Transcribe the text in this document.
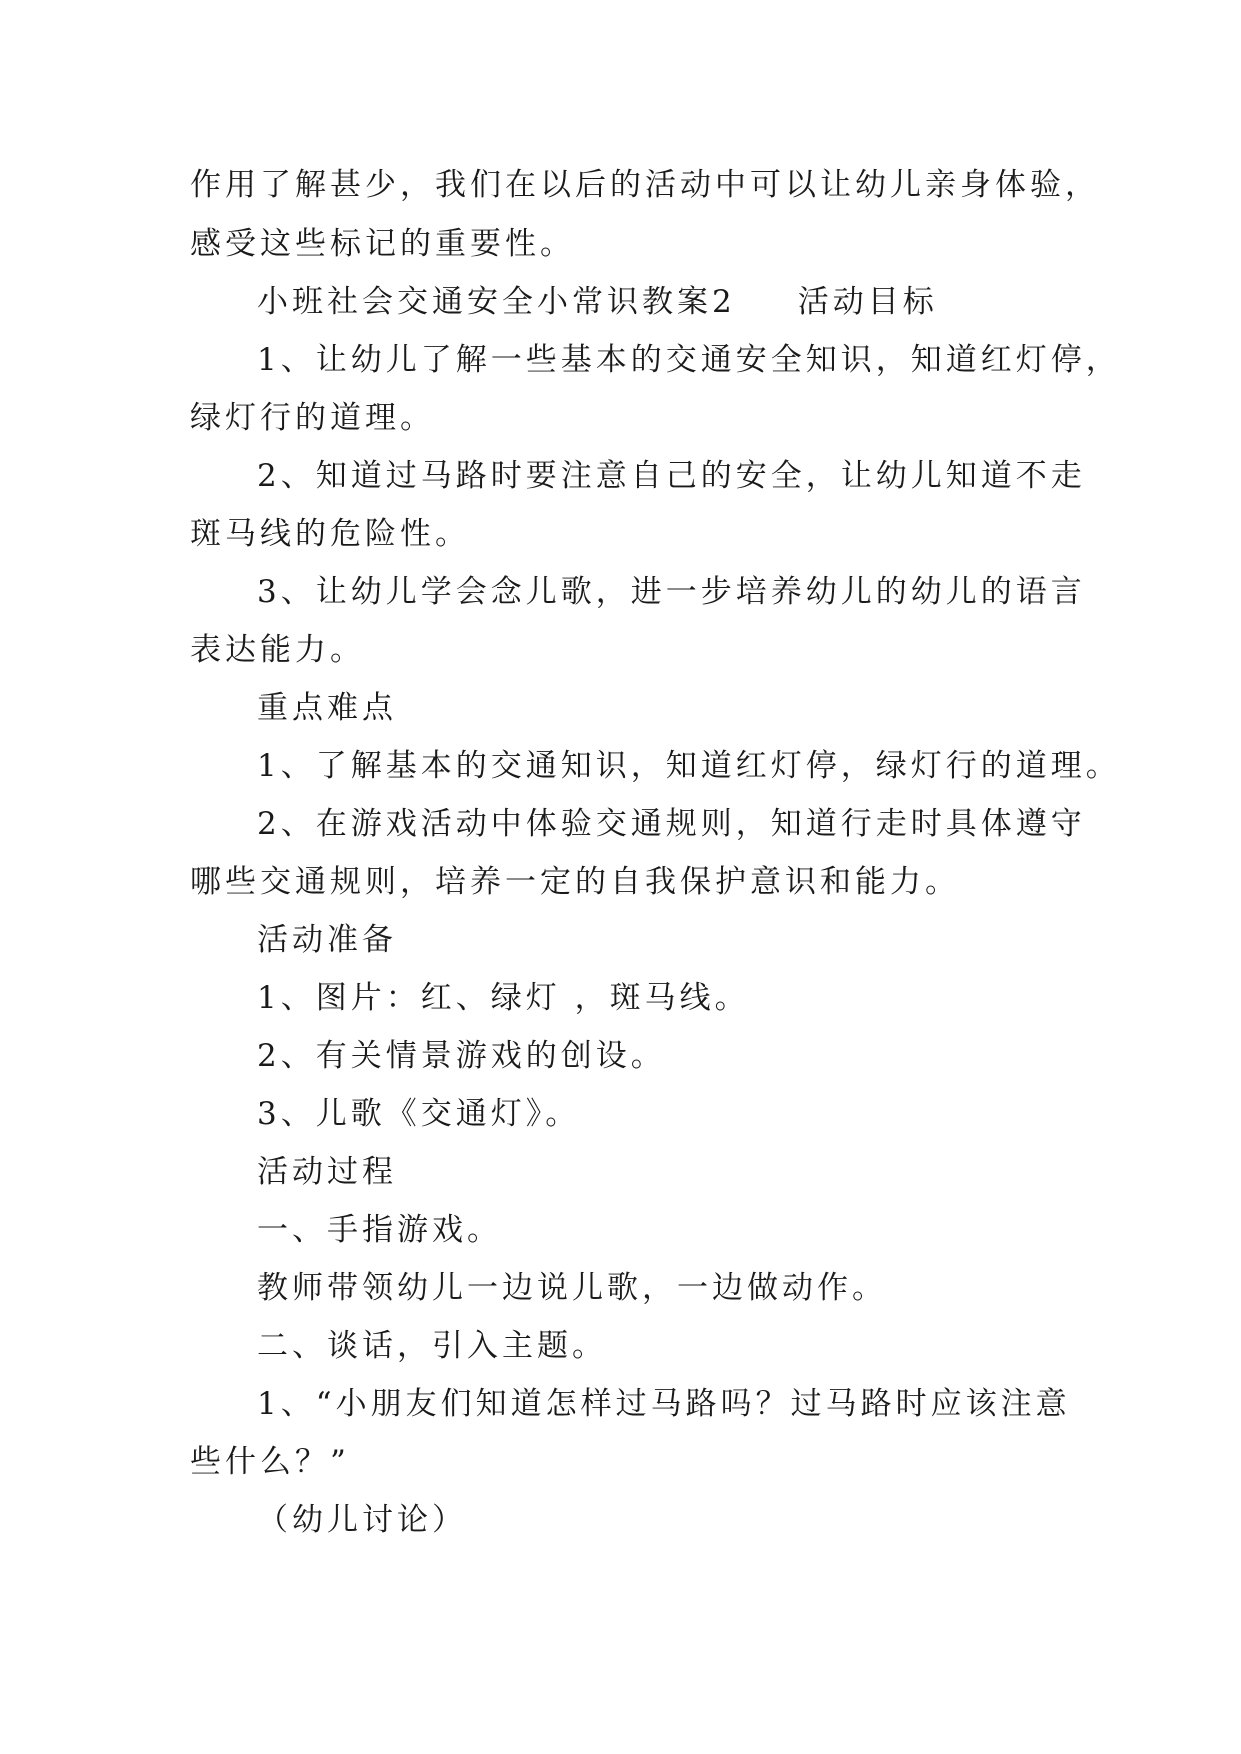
作用了解甚少，我们在以后的活动中可以让幼儿亲身体验，
感受这些标记的重要性。
小班社会交通安全小常识教案2 活动目标
1、让幼儿了解一些基本的交通安全知识，知道红灯停，
绿灯行的道理。
2、知道过马路时要注意自己的安全，让幼儿知道不走
斑马线的危险性。
3、让幼儿学会念儿歌，进一步培养幼儿的幼儿的语言
表达能力。
重点难点
1、了解基本的交通知识，知道红灯停，绿灯行的道理。
2、在游戏活动中体验交通规则，知道行走时具体遵守
哪些交通规则，培养一定的自我保护意识和能力。
活动准备
1、图片：红、绿灯 ，斑马线。
2、有关情景游戏的创设。
3、儿歌《交通灯》。
活动过程
一、手指游戏。
教师带领幼儿一边说儿歌，一边做动作。
二、谈话，引入主题。
1、“小朋友们知道怎样过马路吗？过马路时应该注意
些什么？”
（幼儿讨论）
